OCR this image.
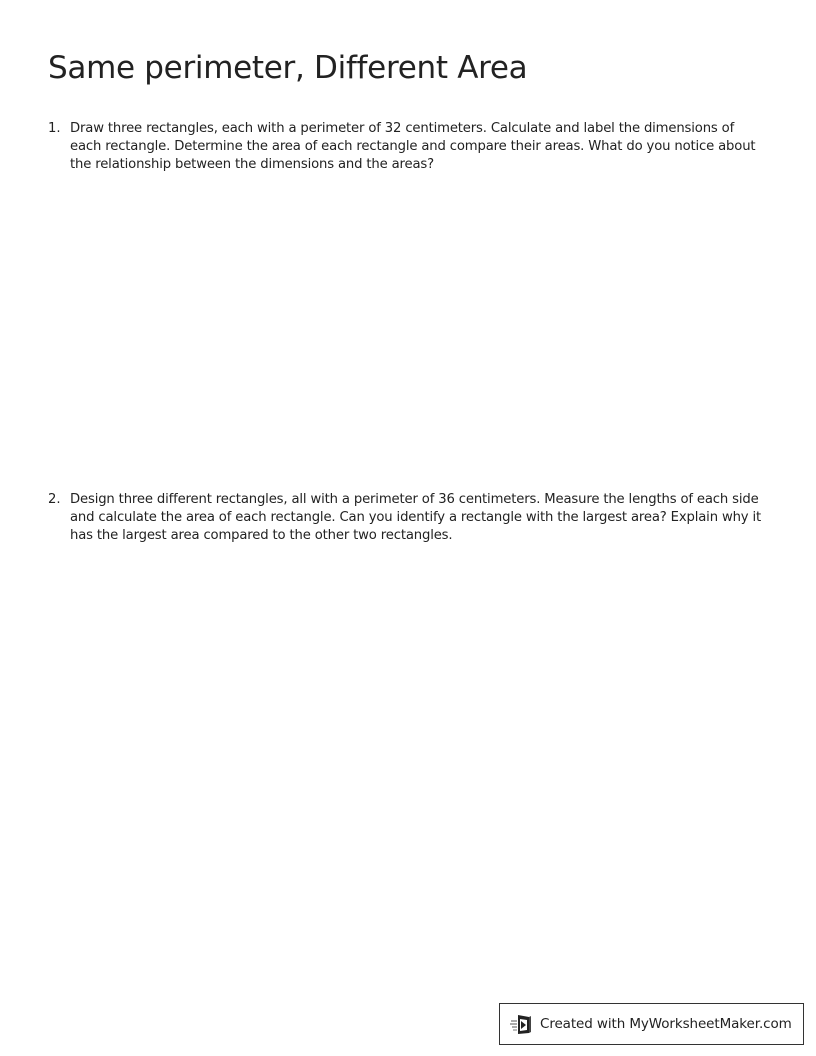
Same perimeter, Different Area
1. Draw three rectangles, each with a perimeter of 32 centimeters. Calculate and label the dimensions of each rectangle. Determine the area of each rectangle and compare their areas. What do you notice about the relationship between the dimensions and the areas?
2. Design three different rectangles, all with a perimeter of 36 centimeters. Measure the lengths of each side and calculate the area of each rectangle. Can you identify a rectangle with the largest area? Explain why it has the largest area compared to the other two rectangles.
Created with MyWorksheetMaker.com
